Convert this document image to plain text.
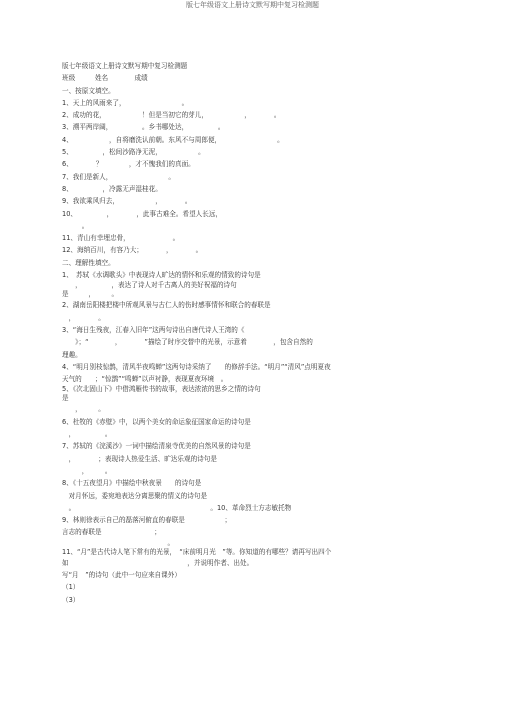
版七年级语文上册诗文默写期中复习检测题
版七年级语文上册诗文默写期中复习检测题
班级　　　姓名　　　　成绩
一、按原文填空。
1、天上的风雨来了，　　　　　　　　　。
2、成功的花，　　　　　　！但是当初它的芽儿，　　　　　　，　　　　。
3、溯平两岸阔，　　　　　。乡书哪处达，　　　　　。
4、　　　　　　，自将磨洗认前朝。东风不与周郎便，　　　　　　　　　。
5、　　　　　，松间沙路净无泥，　　　　　　。
6、　　　　？　　　　，才不愧我们的真面。
7、我们是新人，　　　　　　　　　。
8、　　　　　，冷露无声湿桂花。
9、我欲乘风归去，　　　　　　，　　　　。
10、　　　　　，　　　　，此事古难全。希望人长远，
　　　。
11、青山有幸埋忠骨，　　　　　　　。
12、海纳百川，有容乃大；　　　　，　　　　。
二、理解性填空。
1、　苏轼《水调歌头》中表现诗人旷达的情怀和乐观的情致的诗句是
　　，　　　　　，表达了诗人对千古离人的美好祝福的诗句
是　　　，　　　。
2、湖南岳阳楼把楼中所观风景与古仁人的伤时感事情怀和联合的春联是
　，　　　　。
3、“海日生残夜，江春入旧年”这两句诗出自唐代诗人王湾的《
　　》；“　　　　，　　　　”描绘了时序交替中的光景，示意着　　　　，包含自然的
理趣。
4、“明月别枝惊鹊，清风半夜鸣蝉”这两句诗采纳了　　的修辞手法。“明月”“清风”点明夏夜
天气的　　；“惊鹊”“鸣蝉”以声衬静，表现夏夜环境　。
5、《次北固山下》中借鸿雁传书的故事，表达浓浓的思乡之情的诗句
是
　　，　　　。
6、杜牧的《赤壁》中，以两个美女的命运象征国家命运的诗句是
　，　　　　　。
7、苏轼的《浣溪沙》一词中描绘清泉寺优美的自然风景的诗句是
　，　　　　；表现诗人热爱生活、旷达乐观的诗句是
　　　，　　　。
8、《十五夜望月》中描绘中秋夜景　　的诗句是
　对月怀远，委宛地表达分离思聚的情义的诗句是
　。　　　　　　　　　　　　　　　　　　　　　。10、革命烈士方志敏托物
9、林则徐表示自己的磊落河俯直的春联是　　　　　　；
言志的春联是　　　　　　　　；
　　　　　　　　　　　　　　　　。
11、“月”是古代诗人笔下常有的光景，　“床前明月光　”等。你知道的有哪些？请再写出四个
如　　　　　　　　　　　　　　　　　　，并说明作者、出处。
写“月　”的诗句（此中一句应来自课外）
（1）
（3）
